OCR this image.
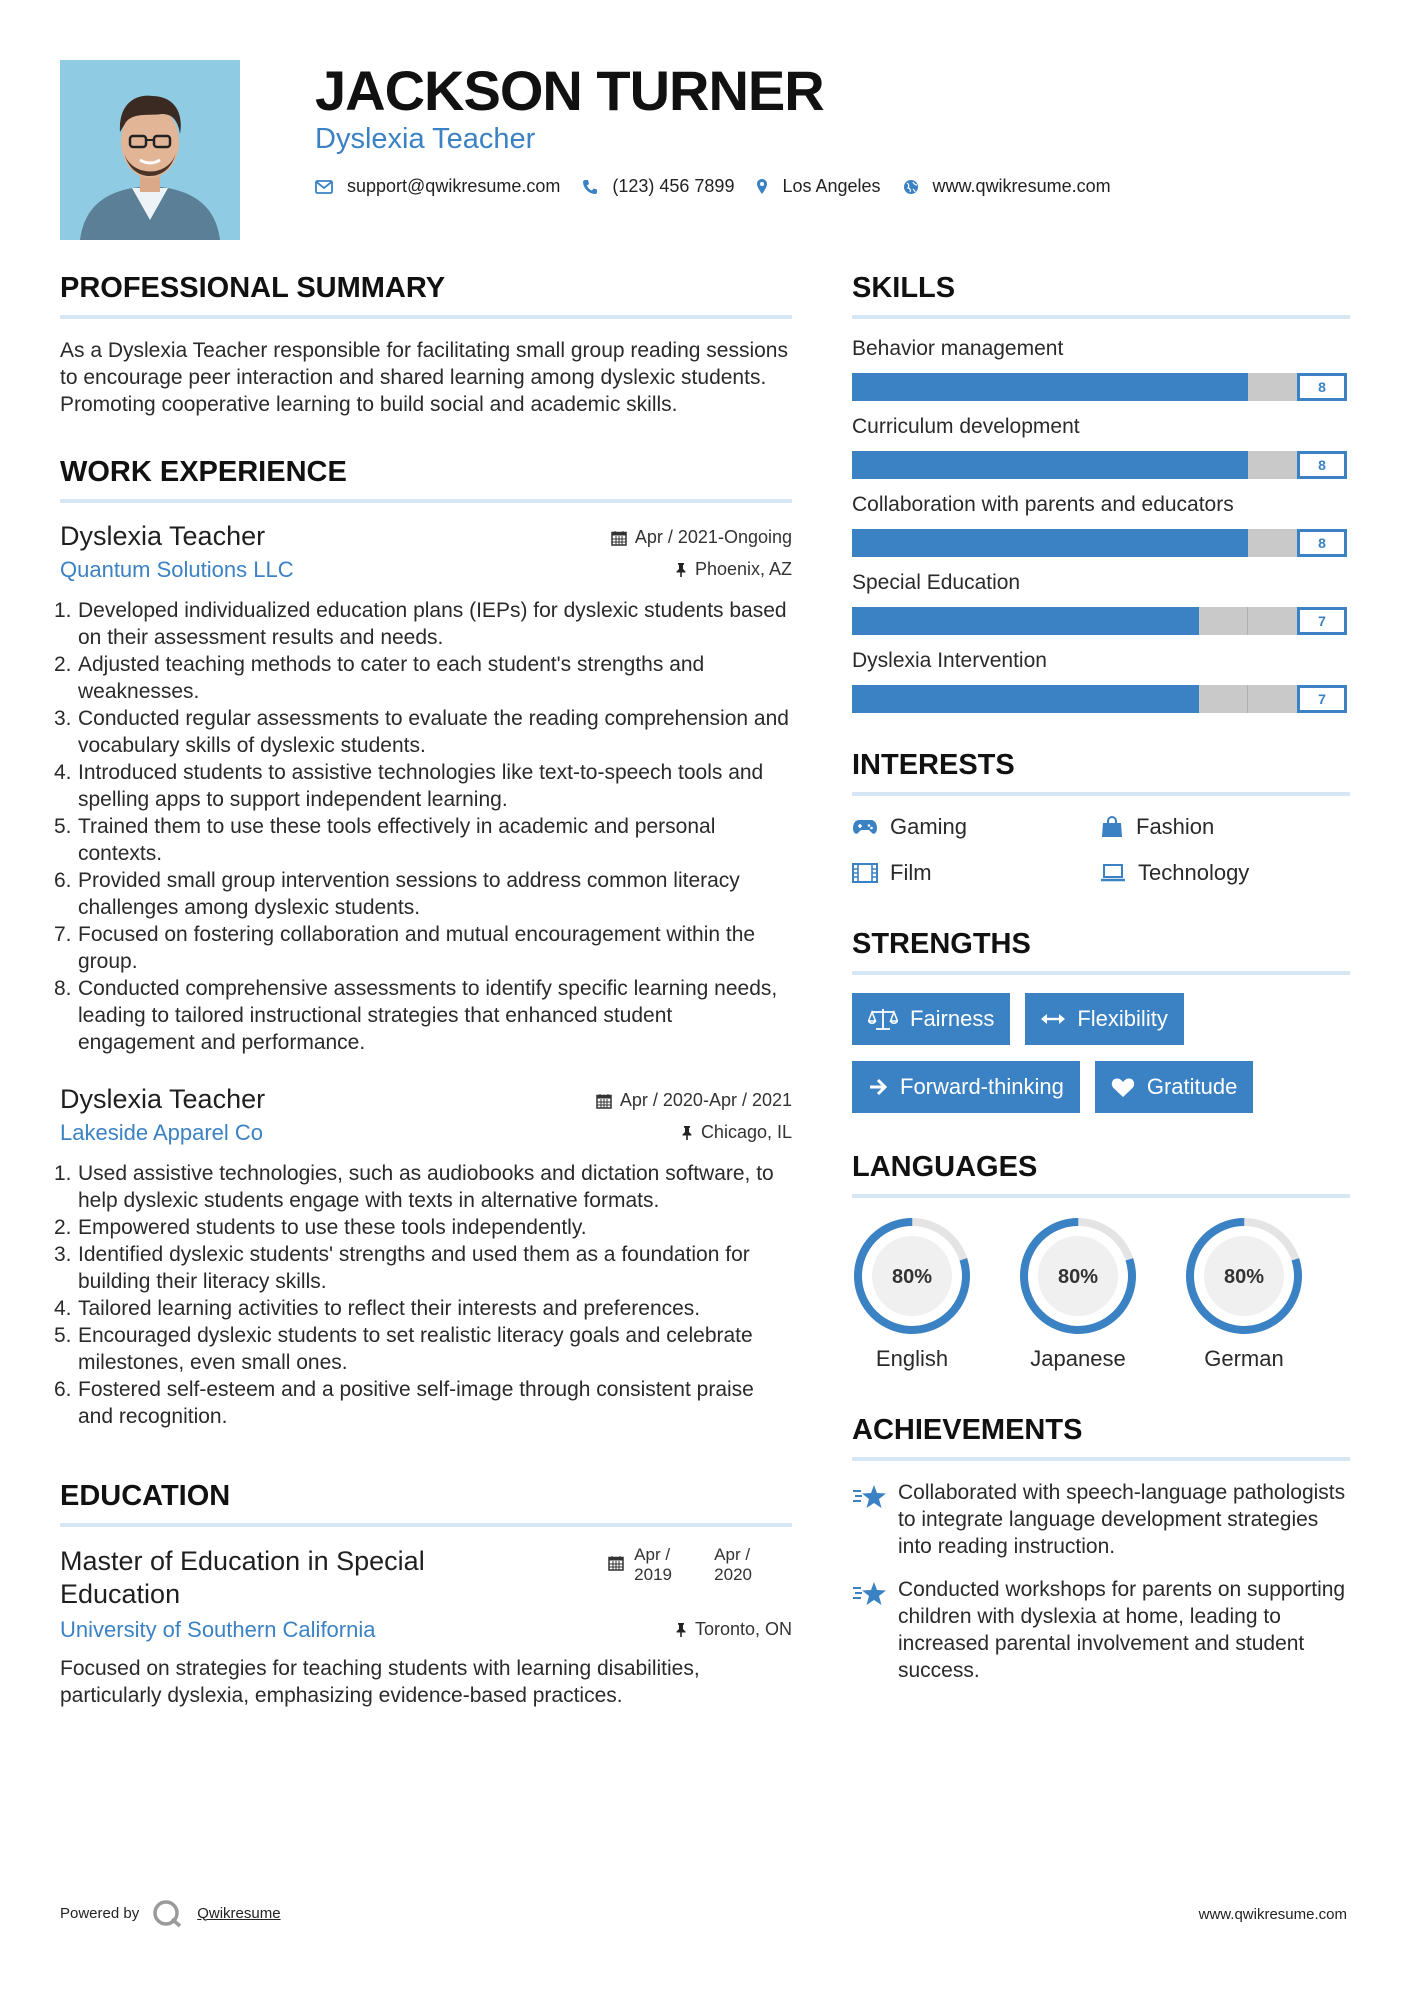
JACKSON TURNER
Dyslexia Teacher
support@qwikresume.com	(123) 456 7899	Los Angeles	www.qwikresume.com
PROFESSIONAL SUMMARY

As a Dyslexia Teacher responsible for facilitating small group reading sessions to encourage peer interaction and shared learning among dyslexic students. Promoting cooperative learning to build social and academic skills.

WORK EXPERIENCE
Dyslexia Teacher	Apr / 2021-Ongoing
Quantum Solutions LLC	Phoenix, AZ
1. Developed individualized education plans (IEPs) for dyslexic students based on their assessment results and needs.
2. Adjusted teaching methods to cater to each student's strengths and weaknesses.
3. Conducted regular assessments to evaluate the reading comprehension and vocabulary skills of dyslexic students.
4. Introduced students to assistive technologies like text-to-speech tools and spelling apps to support independent learning.
5. Trained them to use these tools effectively in academic and personal contexts.
6. Provided small group intervention sessions to address common literacy challenges among dyslexic students.
7. Focused on fostering collaboration and mutual encouragement within the group.
8. Conducted comprehensive assessments to identify specific learning needs, leading to tailored instructional strategies that enhanced student engagement and performance.
Dyslexia Teacher	Apr / 2020-Apr / 2021
Lakeside Apparel Co	Chicago, IL
1. Used assistive technologies, such as audiobooks and dictation software, to help dyslexic students engage with texts in alternative formats.
2. Empowered students to use these tools independently.
3. Identified dyslexic students' strengths and used them as a foundation for building their literacy skills.
4. Tailored learning activities to reflect their interests and preferences.
5. Encouraged dyslexic students to set realistic literacy goals and celebrate milestones, even small ones.
6. Fostered self-esteem and a positive self-image through consistent praise and recognition.
EDUCATION
Master of Education in Special Education
Apr /
2019
Apr /
2020
University of Southern California	Toronto, ON

Focused on strategies for teaching students with learning disabilities, particularly dyslexia, emphasizing evidence-based practices.

SKILLS
Behavior management
8
Curriculum development
8
Collaboration with parents and educators
8
Special Education
7
Dyslexia Intervention
7
INTERESTS
Gaming	Fashion
Film	Technology
STRENGTHS
Fairness	Flexibility
Forward-thinking	Gratitude
LANGUAGES
80%
English
80%
Japanese
80%
German
ACHIEVEMENTS
Collaborated with speech-language pathologists to integrate language development strategies into reading instruction.
Conducted workshops for parents on supporting children with dyslexia at home, leading to increased parental involvement and student success.
Powered by	Qwikresume	www.qwikresume.com
